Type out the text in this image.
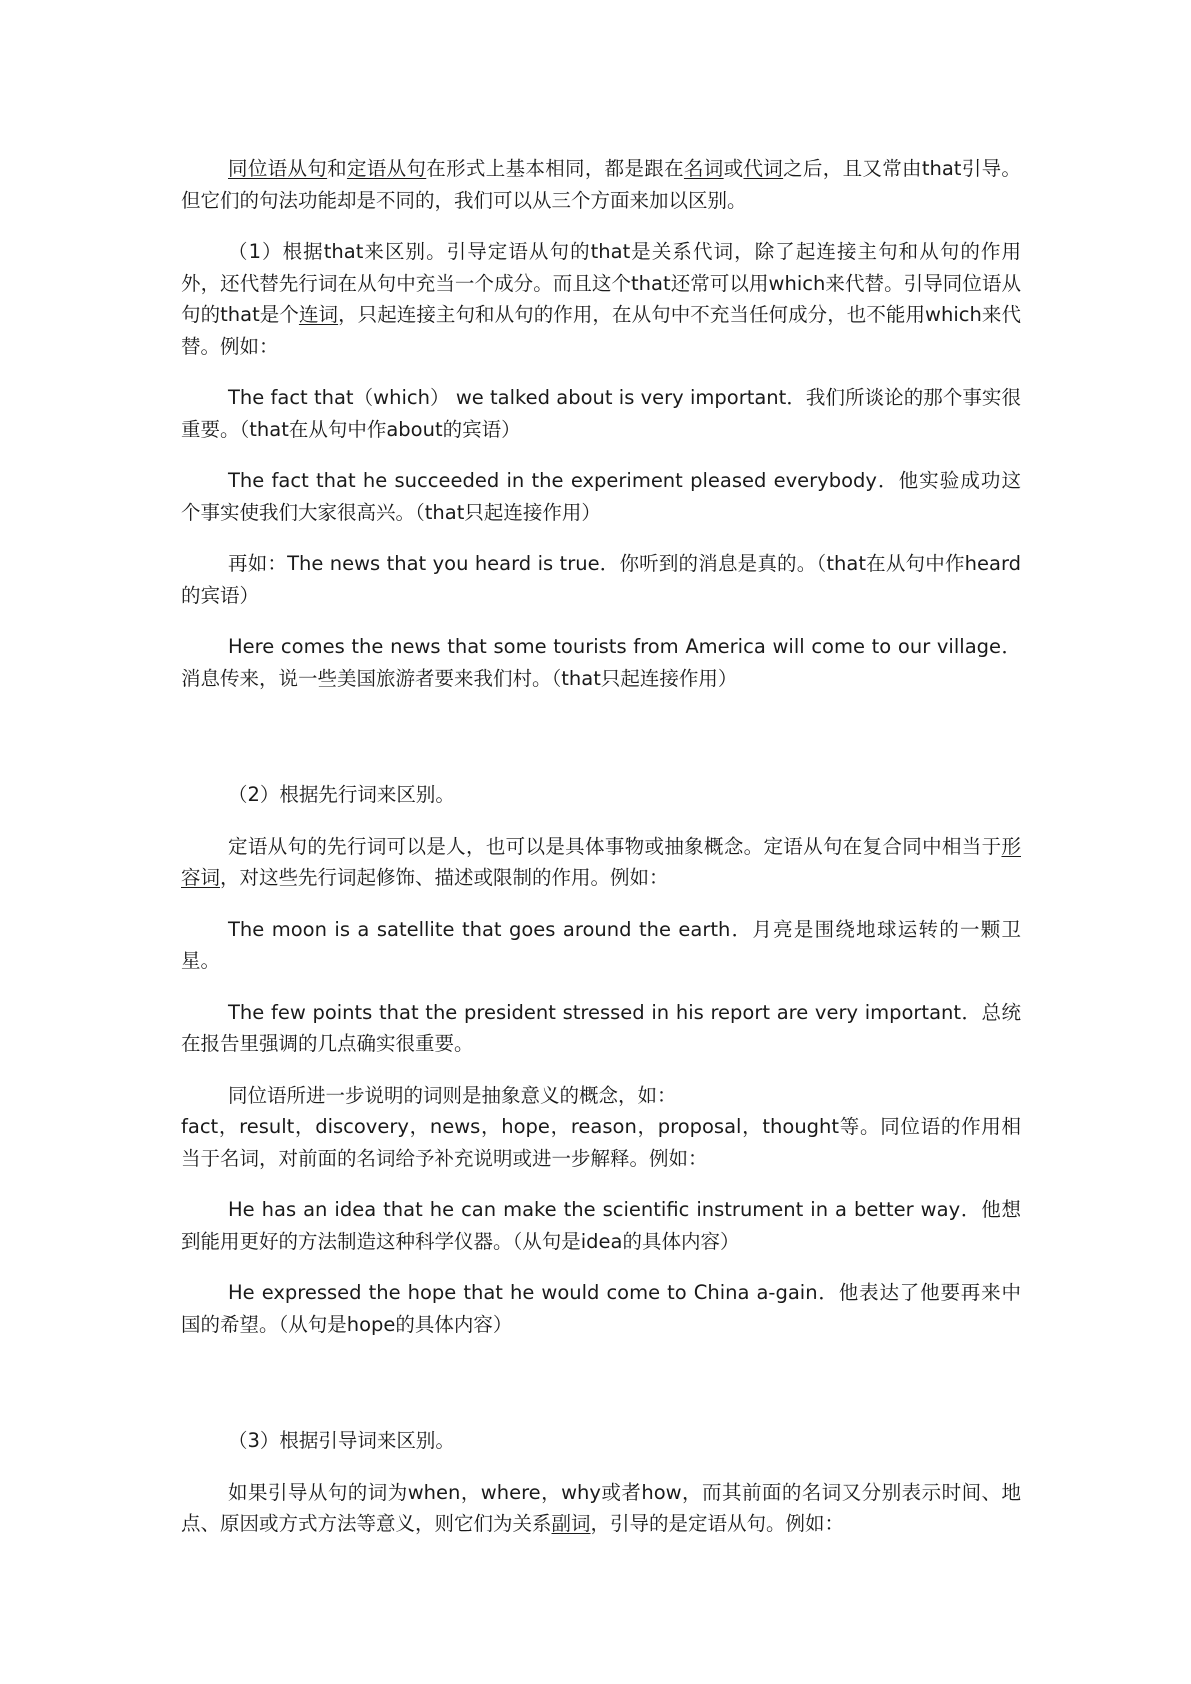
同位语从句和定语从句在形式上基本相同，都是跟在名词或代词之后，且又常由that引导。但它们的句法功能却是不同的，我们可以从三个方面来加以区别。

（1）根据that来区别。引导定语从句的that是关系代词，除了起连接主句和从句的作用外，还代替先行词在从句中充当一个成分。而且这个that还常可以用which来代替。引导同位语从句的that是个连词，只起连接主句和从句的作用，在从句中不充当任何成分，也不能用which来代替。例如：

The fact that（which） we talked about is very important．我们所谈论的那个事实很重要。（that在从句中作about的宾语）

The fact that he succeeded in the experiment pleased everybody．他实验成功这个事实使我们大家很高兴。（that只起连接作用）

再如：The news that you heard is true．你听到的消息是真的。（that在从句中作heard的宾语）

Here comes the news that some tourists from America will come to our village．消息传来，说一些美国旅游者要来我们村。（that只起连接作用）

（2）根据先行词来区别。

定语从句的先行词可以是人，也可以是具体事物或抽象概念。定语从句在复合同中相当于形容词，对这些先行词起修饰、描述或限制的作用。例如：

The moon is a satellite that goes around the earth．月亮是围绕地球运转的一颗卫星。

The few points that the president stressed in his report are very important．总统在报告里强调的几点确实很重要。

同位语所进一步说明的词则是抽象意义的概念，如：

fact，result，discovery，news，hope，reason，proposal，thought等。同位语的作用相当于名词，对前面的名词给予补充说明或进一步解释。例如：

He has an idea that he can make the scientific instrument in a better way．他想到能用更好的方法制造这种科学仪器。（从句是idea的具体内容）

He expressed the hope that he would come to China a-gain．他表达了他要再来中国的希望。（从句是hope的具体内容）

（3）根据引导词来区别。

如果引导从句的词为when，where，why或者how，而其前面的名词又分别表示时间、地点、原因或方式方法等意义，则它们为关系副词，引导的是定语从句。例如：
